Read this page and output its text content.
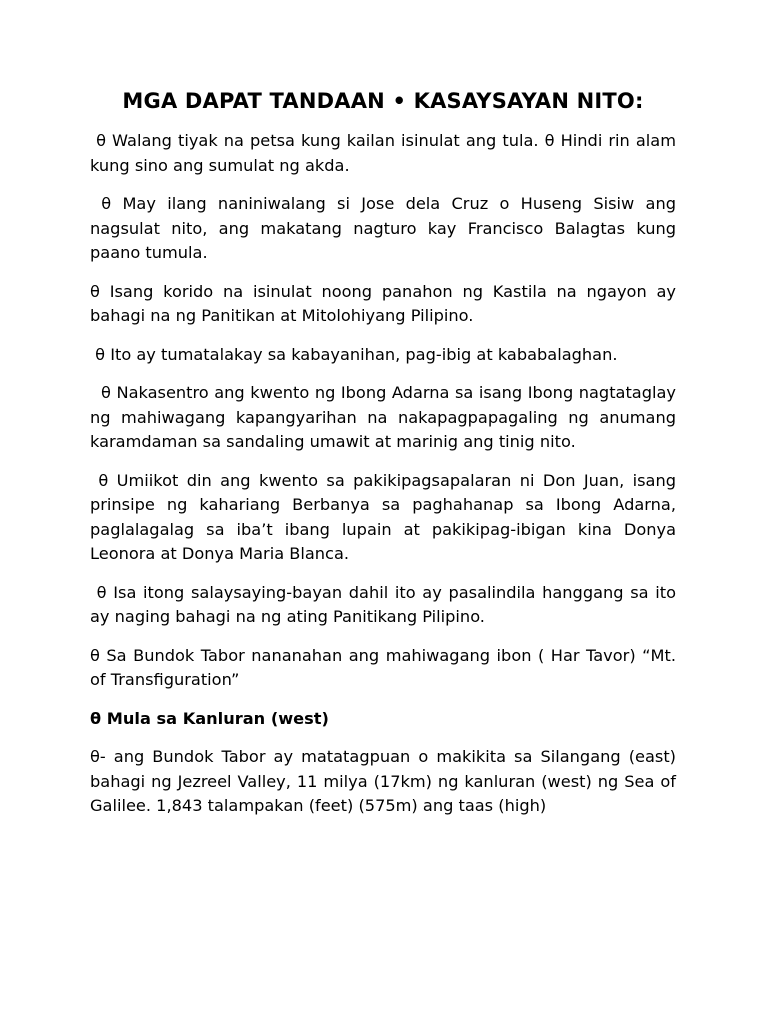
MGA DAPAT TANDAAN • KASAYSAYAN NITO:

θ Walang tiyak na petsa kung kailan isinulat ang tula. θ Hindi rin alam kung sino ang sumulat ng akda.

θ May ilang naniniwalang si Jose dela Cruz o Huseng Sisiw ang nagsulat nito, ang makatang nagturo kay Francisco Balagtas kung paano tumula.

θ Isang korido na isinulat noong panahon ng Kastila na ngayon ay bahagi na ng Panitikan at Mitolohiyang Pilipino.

θ Ito ay tumatalakay sa kabayanihan, pag-ibig at kababalaghan.

θ Nakasentro ang kwento ng Ibong Adarna sa isang Ibong nagtataglay ng mahiwagang kapangyarihan na nakapagpapagaling ng anumang karamdaman sa sandaling umawit at marinig ang tinig nito.

θ Umiikot din ang kwento sa pakikipagsapalaran ni Don Juan, isang prinsipe ng kahariang Berbanya sa paghahanap sa Ibong Adarna, paglalagalag sa iba’t ibang lupain at pakikipag-ibigan kina Donya Leonora at Donya Maria Blanca.

θ Isa itong salaysaying-bayan dahil ito ay pasalindila hanggang sa ito ay naging bahagi na ng ating Panitikang Pilipino.

θ Sa Bundok Tabor nananahan ang mahiwagang ibon ( Har Tavor) “Mt. of Transfiguration”

θ Mula sa Kanluran (west)

θ- ang Bundok Tabor ay matatagpuan o makikita sa Silangang (east) bahagi ng Jezreel Valley, 11 milya (17km) ng kanluran (west) ng Sea of Galilee. 1,843 talampakan (feet) (575m) ang taas (high)
